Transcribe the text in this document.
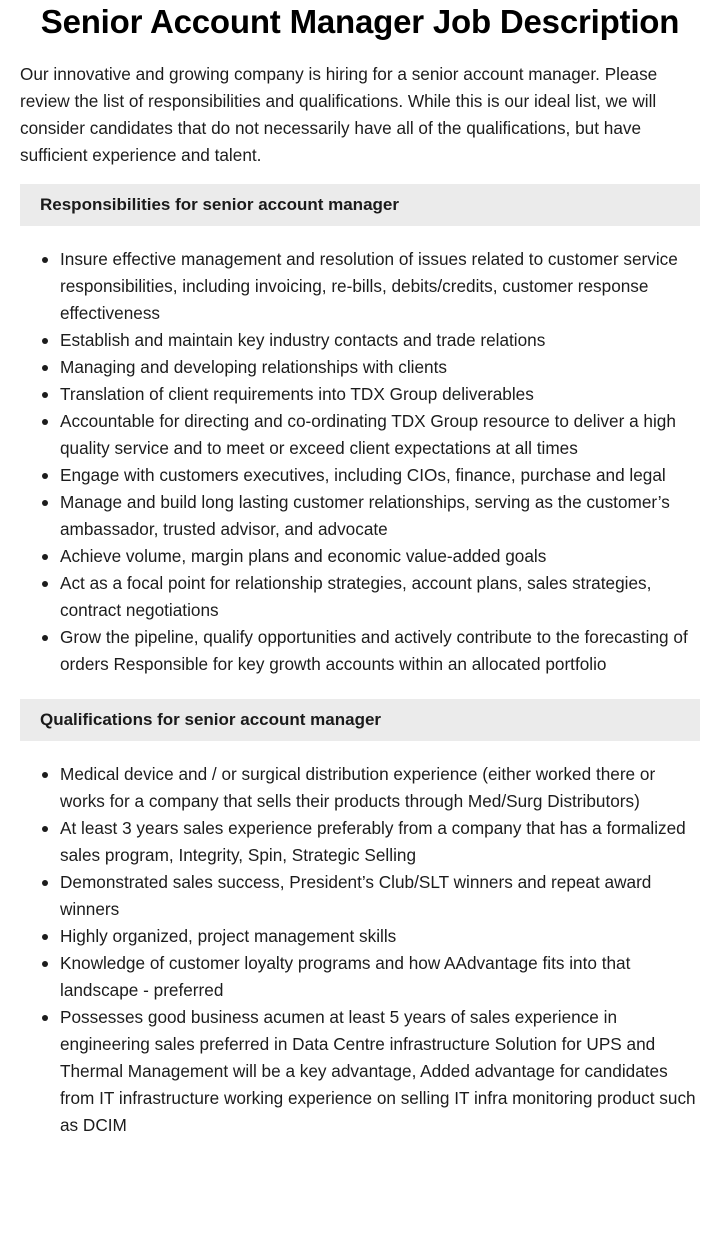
Senior Account Manager Job Description

Our innovative and growing company is hiring for a senior account manager. Please review the list of responsibilities and qualifications. While this is our ideal list, we will consider candidates that do not necessarily have all of the qualifications, but have sufficient experience and talent.

Responsibilities for senior account manager
Insure effective management and resolution of issues related to customer service responsibilities, including invoicing, re-bills, debits/credits, customer response effectiveness
Establish and maintain key industry contacts and trade relations
Managing and developing relationships with clients
Translation of client requirements into TDX Group deliverables
Accountable for directing and co-ordinating TDX Group resource to deliver a high quality service and to meet or exceed client expectations at all times
Engage with customers executives, including CIOs, finance, purchase and legal
Manage and build long lasting customer relationships, serving as the customer’s ambassador, trusted advisor, and advocate
Achieve volume, margin plans and economic value-added goals
Act as a focal point for relationship strategies, account plans, sales strategies, contract negotiations
Grow the pipeline, qualify opportunities and actively contribute to the forecasting of orders Responsible for key growth accounts within an allocated portfolio
Qualifications for senior account manager
Medical device and / or surgical distribution experience (either worked there or works for a company that sells their products through Med/Surg Distributors)
At least 3 years sales experience preferably from a company that has a formalized sales program, Integrity, Spin, Strategic Selling
Demonstrated sales success, President’s Club/SLT winners and repeat award winners
Highly organized, project management skills
Knowledge of customer loyalty programs and how AAdvantage fits into that landscape - preferred
Possesses good business acumen at least 5 years of sales experience in engineering sales preferred in Data Centre infrastructure Solution for UPS and Thermal Management will be a key advantage, Added advantage for candidates from IT infrastructure working experience on selling IT infra monitoring product such as DCIM
